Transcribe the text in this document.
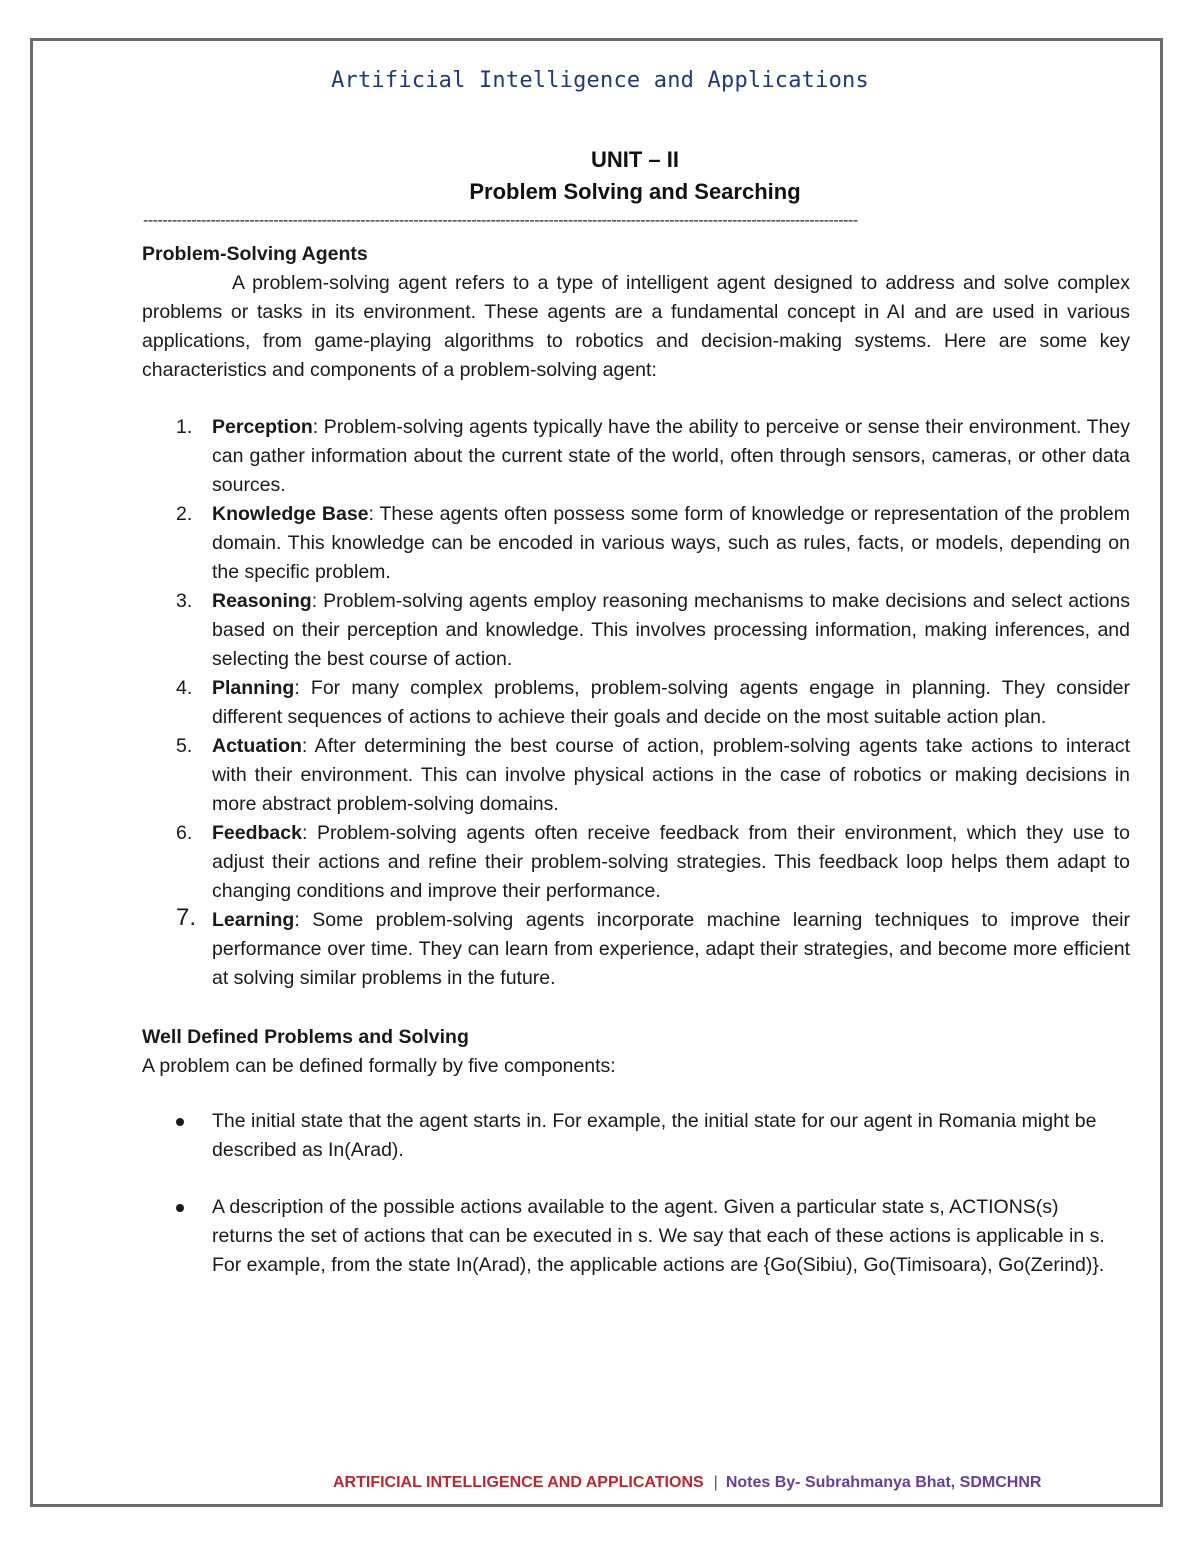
Artificial Intelligence and Applications
UNIT – II
Problem Solving and Searching
----------------------------------------------------------------------------------------------------------------------------------------------------

Problem-Solving Agents

A problem-solving agent refers to a type of intelligent agent designed to address and solve complex problems or tasks in its environment. These agents are a fundamental concept in AI and are used in various applications, from game-playing algorithms to robotics and decision-making systems. Here are some key characteristics and components of a problem-solving agent:

1. Perception: Problem-solving agents typically have the ability to perceive or sense their environment. They can gather information about the current state of the world, often through sensors, cameras, or other data sources.
2. Knowledge Base: These agents often possess some form of knowledge or representation of the problem domain. This knowledge can be encoded in various ways, such as rules, facts, or models, depending on the specific problem.
3. Reasoning: Problem-solving agents employ reasoning mechanisms to make decisions and select actions based on their perception and knowledge. This involves processing information, making inferences, and selecting the best course of action.
4. Planning: For many complex problems, problem-solving agents engage in planning. They consider different sequences of actions to achieve their goals and decide on the most suitable action plan.
5. Actuation: After determining the best course of action, problem-solving agents take actions to interact with their environment. This can involve physical actions in the case of robotics or making decisions in more abstract problem-solving domains.
6. Feedback: Problem-solving agents often receive feedback from their environment, which they use to adjust their actions and refine their problem-solving strategies. This feedback loop helps them adapt to changing conditions and improve their performance.
7. Learning: Some problem-solving agents incorporate machine learning techniques to improve their performance over time. They can learn from experience, adapt their strategies, and become more efficient at solving similar problems in the future.

Well Defined Problems and Solving

A problem can be defined formally by five components:

The initial state that the agent starts in. For example, the initial state for our agent in Romania might be described as In(Arad).
A description of the possible actions available to the agent. Given a particular state s, ACTIONS(s) returns the set of actions that can be executed in s. We say that each of these actions is applicable in s. For example, from the state In(Arad), the applicable actions are {Go(Sibiu), Go(Timisoara), Go(Zerind)}.
ARTIFICIAL INTELLIGENCE AND APPLICATIONS | Notes By- Subrahmanya Bhat, SDMCHNR
